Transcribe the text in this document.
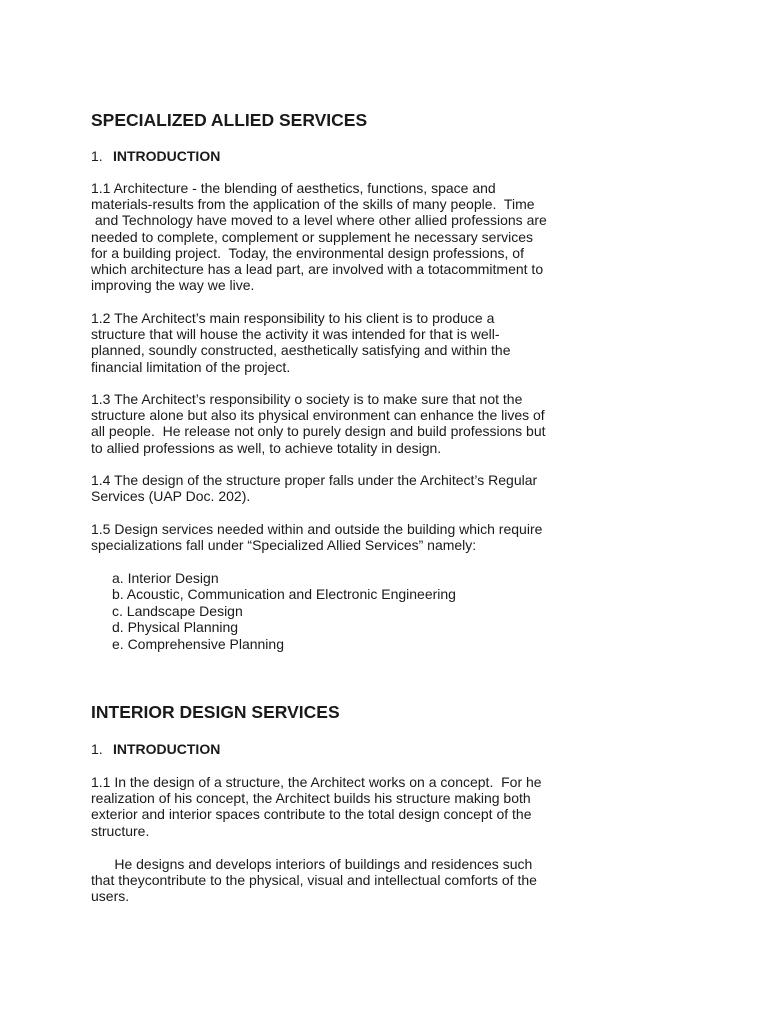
SPECIALIZED ALLIED SERVICES
1. INTRODUCTION
1.1 Architecture - the blending of aesthetics, functions, space and
materials-results from the application of the skills of many people.  Time
and Technology have moved to a level where other allied professions are
needed to complete, complement or supplement he necessary services
for a building project.  Today, the environmental design professions, of
which architecture has a lead part, are involved with a totacommitment to
improving the way we live.
1.2 The Architect’s main responsibility to his client is to produce a
structure that will house the activity it was intended for that is well-
planned, soundly constructed, aesthetically satisfying and within the
financial limitation of the project.
1.3 The Architect’s responsibility o society is to make sure that not the
structure alone but also its physical environment can enhance the lives of
all people.  He release not only to purely design and build professions but
to allied professions as well, to achieve totality in design.
1.4 The design of the structure proper falls under the Architect’s Regular
Services (UAP Doc. 202).
1.5 Design services needed within and outside the building which require
specializations fall under “Specialized Allied Services” namely:
a. Interior Design
b. Acoustic, Communication and Electronic Engineering
c. Landscape Design
d. Physical Planning
e. Comprehensive Planning
INTERIOR DESIGN SERVICES
1. INTRODUCTION
1.1 In the design of a structure, the Architect works on a concept.  For he
realization of his concept, the Architect builds his structure making both
exterior and interior spaces contribute to the total design concept of the
structure.
He designs and develops interiors of buildings and residences such
that theycontribute to the physical, visual and intellectual comforts of the
users.
